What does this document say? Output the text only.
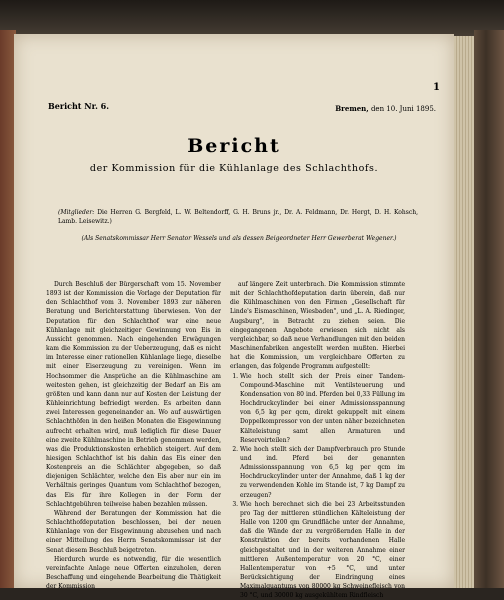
1
Bericht Nr. 6.	Bremen, den 10. Juni 1895.
Bericht
der Kommission für die Kühlanlage des Schlachthofs.
(Mitglieder: Die Herren G. Bergfeld, L. W. Beltendorff, G. H. Bruns jr., Dr. A. Feldmann, Dr. Hergt, D. H. Kohsch, Lamb. Leisewitz.)
(Als Senatskommissar Herr Senator Wessels und als dessen Beigeordneter Herr Gewerberat Wegener.)

Durch Beschluß der Bürgerschaft vom 15. November 1893 ist der Kommission die Vorlage der Deputation für den Schlachthof vom 3. November 1893 zur näheren Beratung und Berichterstattung überwiesen. Von der Deputation für den Schlachthof war eine neue Kühlanlage mit gleichzeitiger Gewinnung von Eis in Aussicht genommen. Nach eingehenden Erwägungen kam die Kommission zu der Ueberzeugung, daß es nicht im Interesse einer rationellen Kühlanlage liege, dieselbe mit einer Eiserzeugung zu vereinigen. Wenn im Hochsommer die Ansprüche an die Kühlmaschine am weitesten gehen, ist gleichzeitig der Bedarf an Eis am größten und kann dann nur auf Kosten der Leistung der Kühleinrichtung befriedigt werden. Es arbeiten dann zwei Interessen gegeneinander an. Wo auf auswärtigen Schlachthöfen in den heißen Monaten die Eisgewinnung aufrecht erhalten wird, muß lediglich für diese Dauer eine zweite Kühlmaschine in Betrieb genommen werden, was die Produktionskosten erheblich steigert. Auf dem hiesigen Schlachthof ist bis dahin das Eis einer den Kostenpreis an die Schlächter abgegeben, so daß diejenigen Schlächter, welche den Eis aber nur ein im Verhältnis geringes Quantum vom Schlachthof bezogen, das Eis für ihre Kollegen in der Form der Schlachtgebühren teilweise haben bezahlen müssen.

Während der Beratungen der Kommission hat die Schlachthofdeputation beschlossen, bei der neuen Kühlanlage von der Eisgewinnung abzusehen und nach einer Mitteilung des Herrn Senatskommissar ist der Senat diesem Beschluß beigetreten.

Hierdurch wurde es notwendig, für die wesentlich vereinfachte Anlage neue Offerten einzuholen, deren Beschaffung und eingehende Bearbeitung die Thätigkeit der Kommission

auf längere Zeit unterbrach. Die Kommission stimmte mit der Schlachthofdeputation darin überein, daß nur die Kühlmaschinen von den Firmen „Gesellschaft für Linde's Eismaschinen, Wiesbaden", und „L. A. Riedinger, Augsburg", in Betracht zu ziehen seien. Die eingegangenen Angebote erwiesen sich nicht als vergleichbar, so daß neue Verhandlungen mit den beiden Maschinenfabriken angestellt werden mußten. Hierbei hat die Kommission, um vergleichbare Offerten zu erlangen, das folgende Programm aufgestellt:

1. Wie hoch stellt sich der Preis einer Tandem-Compound-Maschine mit Ventilsteuerung und Kondensation von 80 ind. Pferden bei 0,33 Füllung im Hochdruckcylinder bei einer Admissionsspannung von 6,5 kg per qcm, direkt gekuppelt mit einem Doppelkompressor von der unten näher bezeichneten Kälteleistung samt allen Armaturen und Reservoirteilen?
2. Wie hoch stellt sich der Dampfverbrauch pro Stunde und ind. Pferd bei der genannten Admissionsspannung von 6,5 kg per qcm im Hochdruckcylinder unter der Annahme, daß 1 kg der zu verwendenden Kohle im Stande ist, 7 kg Dampf zu erzeugen?
3. Wie hoch berechnet sich die bei 23 Arbeitsstunden pro Tag der mittleren stündlichen Kälteleistung der Halle von 1200 qm Grundfläche unter der Annahme, daß die Wände der zu vergrößernden Halle in der Konstruktion der bereits vorhandenen Halle gleichgestaltet und in der weiteren Annahme einer mittleren Außentemperatur von 20 °C, einer Hallentemperatur von +5 °C, und unter Berücksichtigung der Eindringung eines Maximalquantums von 80000 kg Schweinefleisch von 30 °C, und 30000 kg ausgekühltem Rindfleisch
